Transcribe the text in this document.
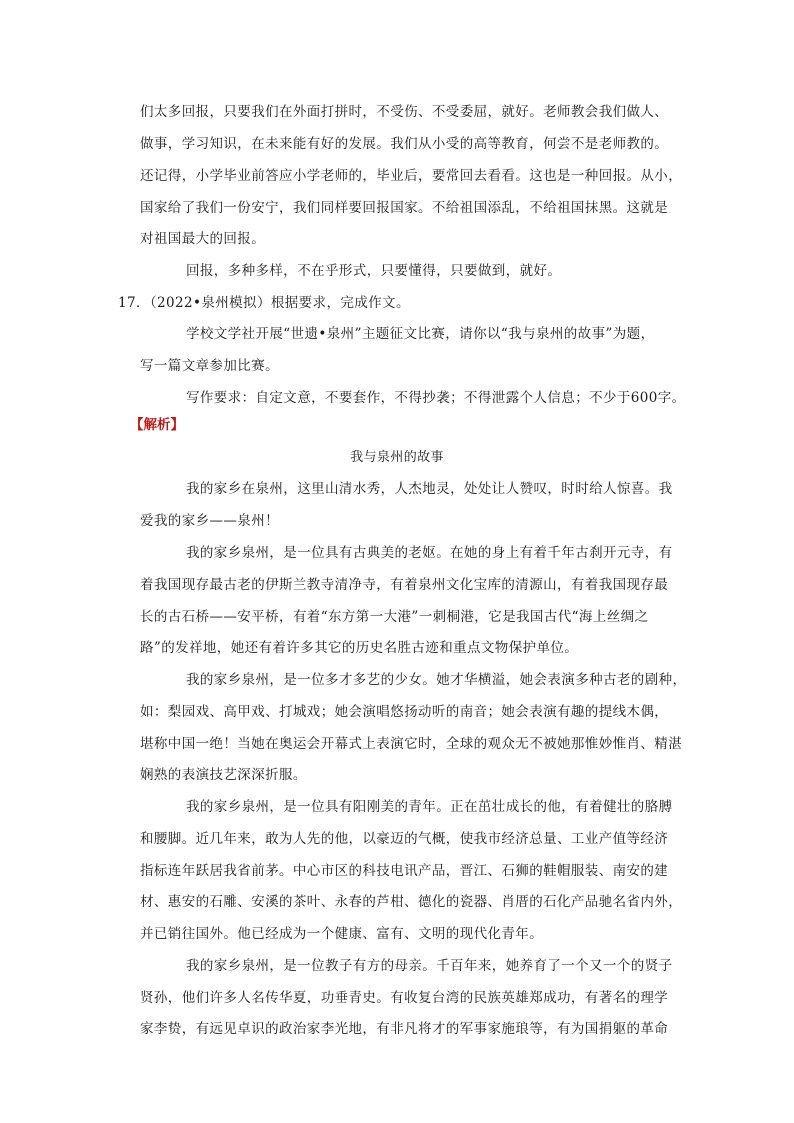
们太多回报，只要我们在外面打拼时，不受伤、不受委屈，就好。老师教会我们做人、
做事，学习知识，在未来能有好的发展。我们从小受的高等教育，何尝不是老师教的。
还记得，小学毕业前答应小学老师的，毕业后，要常回去看看。这也是一种回报。从小，
国家给了我们一份安宁，我们同样要回报国家。不给祖国添乱，不给祖国抹黑。这就是
对祖国最大的回报。
回报，多种多样，不在乎形式，只要懂得，只要做到，就好。
17．（2022•泉州模拟）根据要求，完成作文。
学校文学社开展“世遗•泉州”主题征文比赛，请你以“我与泉州的故事”为题，
写一篇文章参加比赛。
写作要求：自定文意，不要套作，不得抄袭；不得泄露个人信息；不少于600字。
【解析】
我与泉州的故事
我的家乡在泉州，这里山清水秀，人杰地灵，处处让人赞叹，时时给人惊喜。我
爱我的家乡——泉州！
我的家乡泉州，是一位具有古典美的老妪。在她的身上有着千年古刹开元寺，有
着我国现存最古老的伊斯兰教寺清净寺，有着泉州文化宝库的清源山，有着我国现存最
长的古石桥——安平桥，有着“东方第一大港”一刺桐港，它是我国古代“海上丝绸之
路”的发祥地，她还有着许多其它的历史名胜古迹和重点文物保护单位。
我的家乡泉州，是一位多才多艺的少女。她才华横溢，她会表演多种古老的剧种，
如：梨园戏、高甲戏、打城戏；她会演唱悠扬动听的南音；她会表演有趣的提线木偶，
堪称中国一绝！当她在奥运会开幕式上表演它时，全球的观众无不被她那惟妙惟肖、精湛
娴熟的表演技艺深深折服。
我的家乡泉州，是一位具有阳刚美的青年。正在茁壮成长的他，有着健壮的胳膊
和腰脚。近几年来，敢为人先的他，以豪迈的气概，使我市经济总量、工业产值等经济
指标连年跃居我省前茅。中心市区的科技电讯产品，晋江、石狮的鞋帽服装、南安的建
材、惠安的石雕、安溪的茶叶、永春的芦柑、德化的瓷器、肖厝的石化产品驰名省内外，
并已销往国外。他已经成为一个健康、富有、文明的现代化青年。
我的家乡泉州，是一位教子有方的母亲。千百年来，她养育了一个又一个的贤子
贤孙，他们许多人名传华夏，功垂青史。有收复台湾的民族英雄郑成功，有著名的理学
家李贽，有远见卓识的政治家李光地，有非凡将才的军事家施琅等，有为国捐躯的革命
